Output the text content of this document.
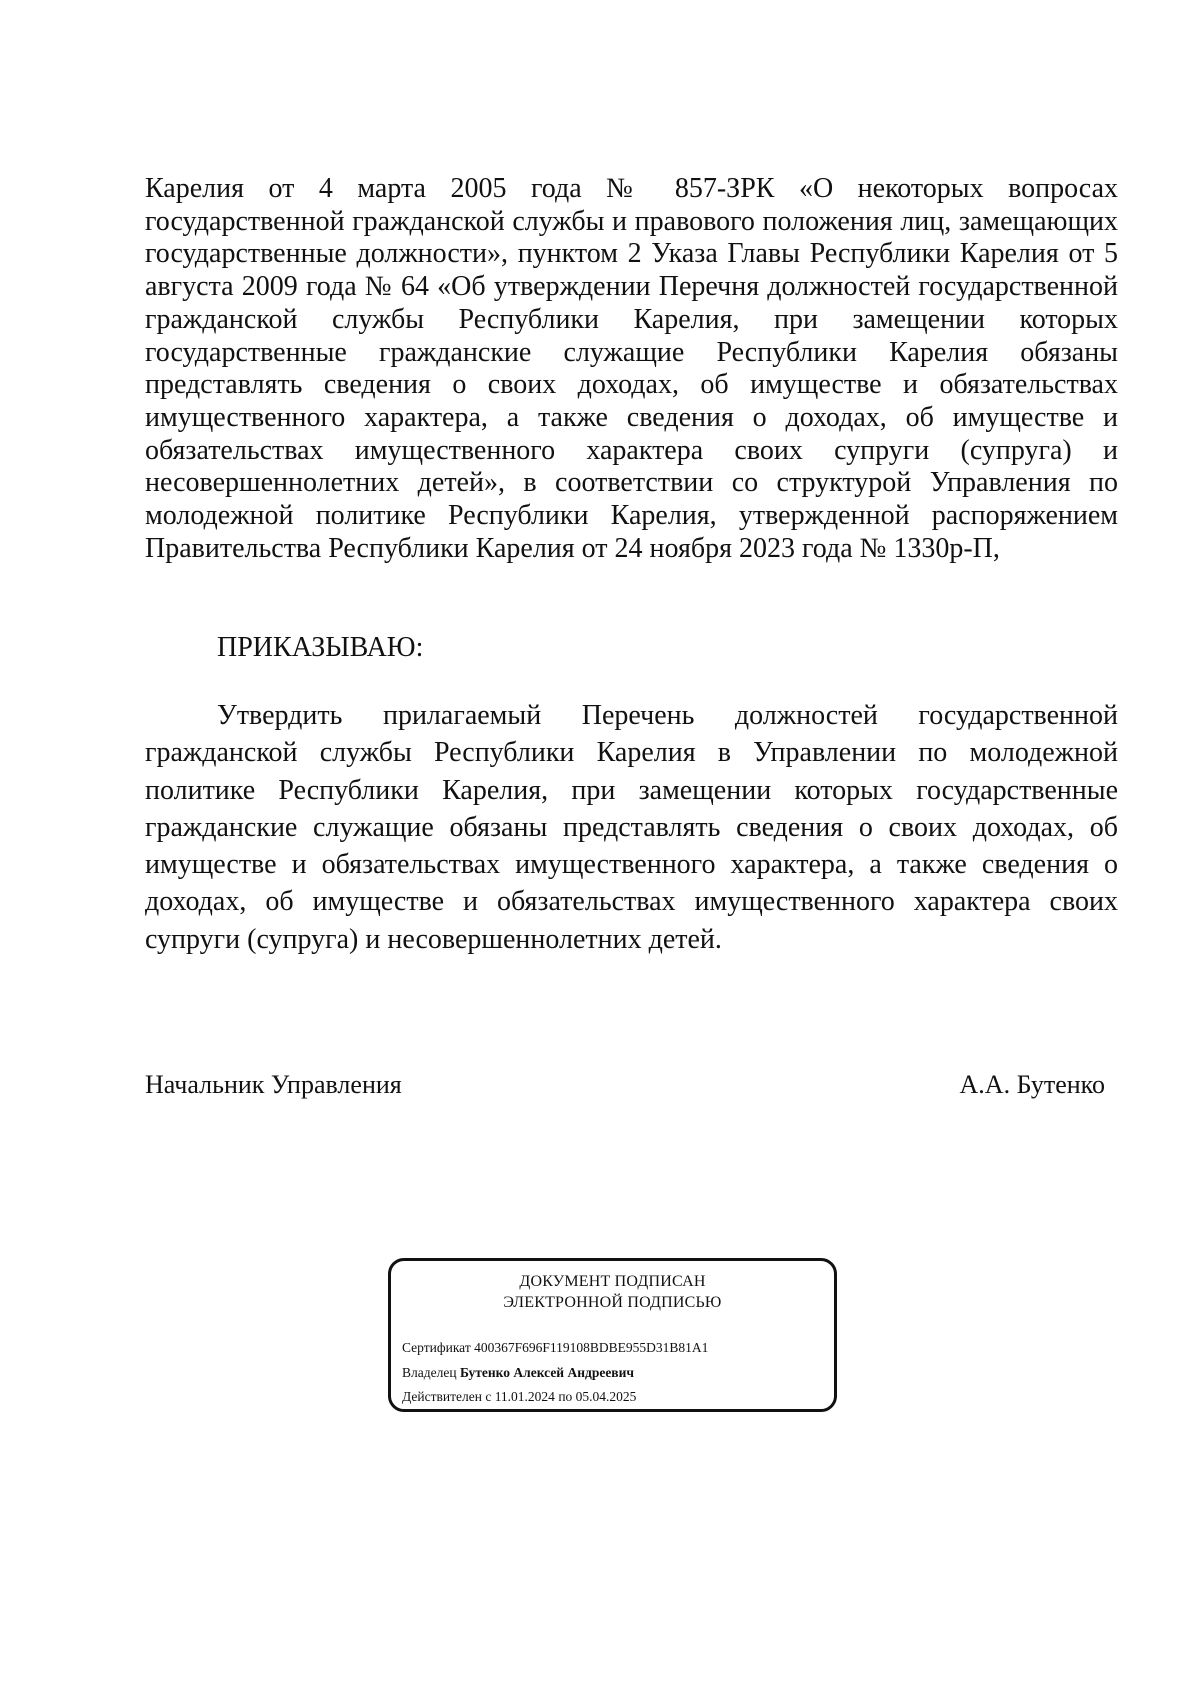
Карелия от 4 марта 2005 года № 857-ЗРК «О некоторых вопросах государственной гражданской службы и правового положения лиц, замещающих государственные должности», пунктом 2 Указа Главы Республики Карелия от 5 августа 2009 года № 64 «Об утверждении Перечня должностей государственной гражданской службы Республики Карелия, при замещении которых государственные гражданские служащие Республики Карелия обязаны представлять сведения о своих доходах, об имуществе и обязательствах имущественного характера, а также сведения о доходах, об имуществе и обязательствах имущественного характера своих супруги (супруга) и несовершеннолетних детей», в соответствии со структурой Управления по молодежной политике Республики Карелия, утвержденной распоряжением Правительства Республики Карелия от 24 ноября 2023 года № 1330р-П,

ПРИКАЗЫВАЮ:

Утвердить прилагаемый Перечень должностей государственной гражданской службы Республики Карелия в Управлении по молодежной политике Республики Карелия, при замещении которых государственные гражданские служащие обязаны представлять сведения о своих доходах, об имуществе и обязательствах имущественного характера, а также сведения о доходах, об имуществе и обязательствах имущественного характера своих супруги (супруга) и несовершеннолетних детей.

Начальник Управления	А.А. Бутенко

ДОКУМЕНТ ПОДПИСАН
ЭЛЕКТРОННОЙ ПОДПИСЬЮ
Сертификат 400367F696F119108BDBE955D31B81A1
Владелец Бутенко Алексей Андреевич
Действителен с 11.01.2024 по 05.04.2025
